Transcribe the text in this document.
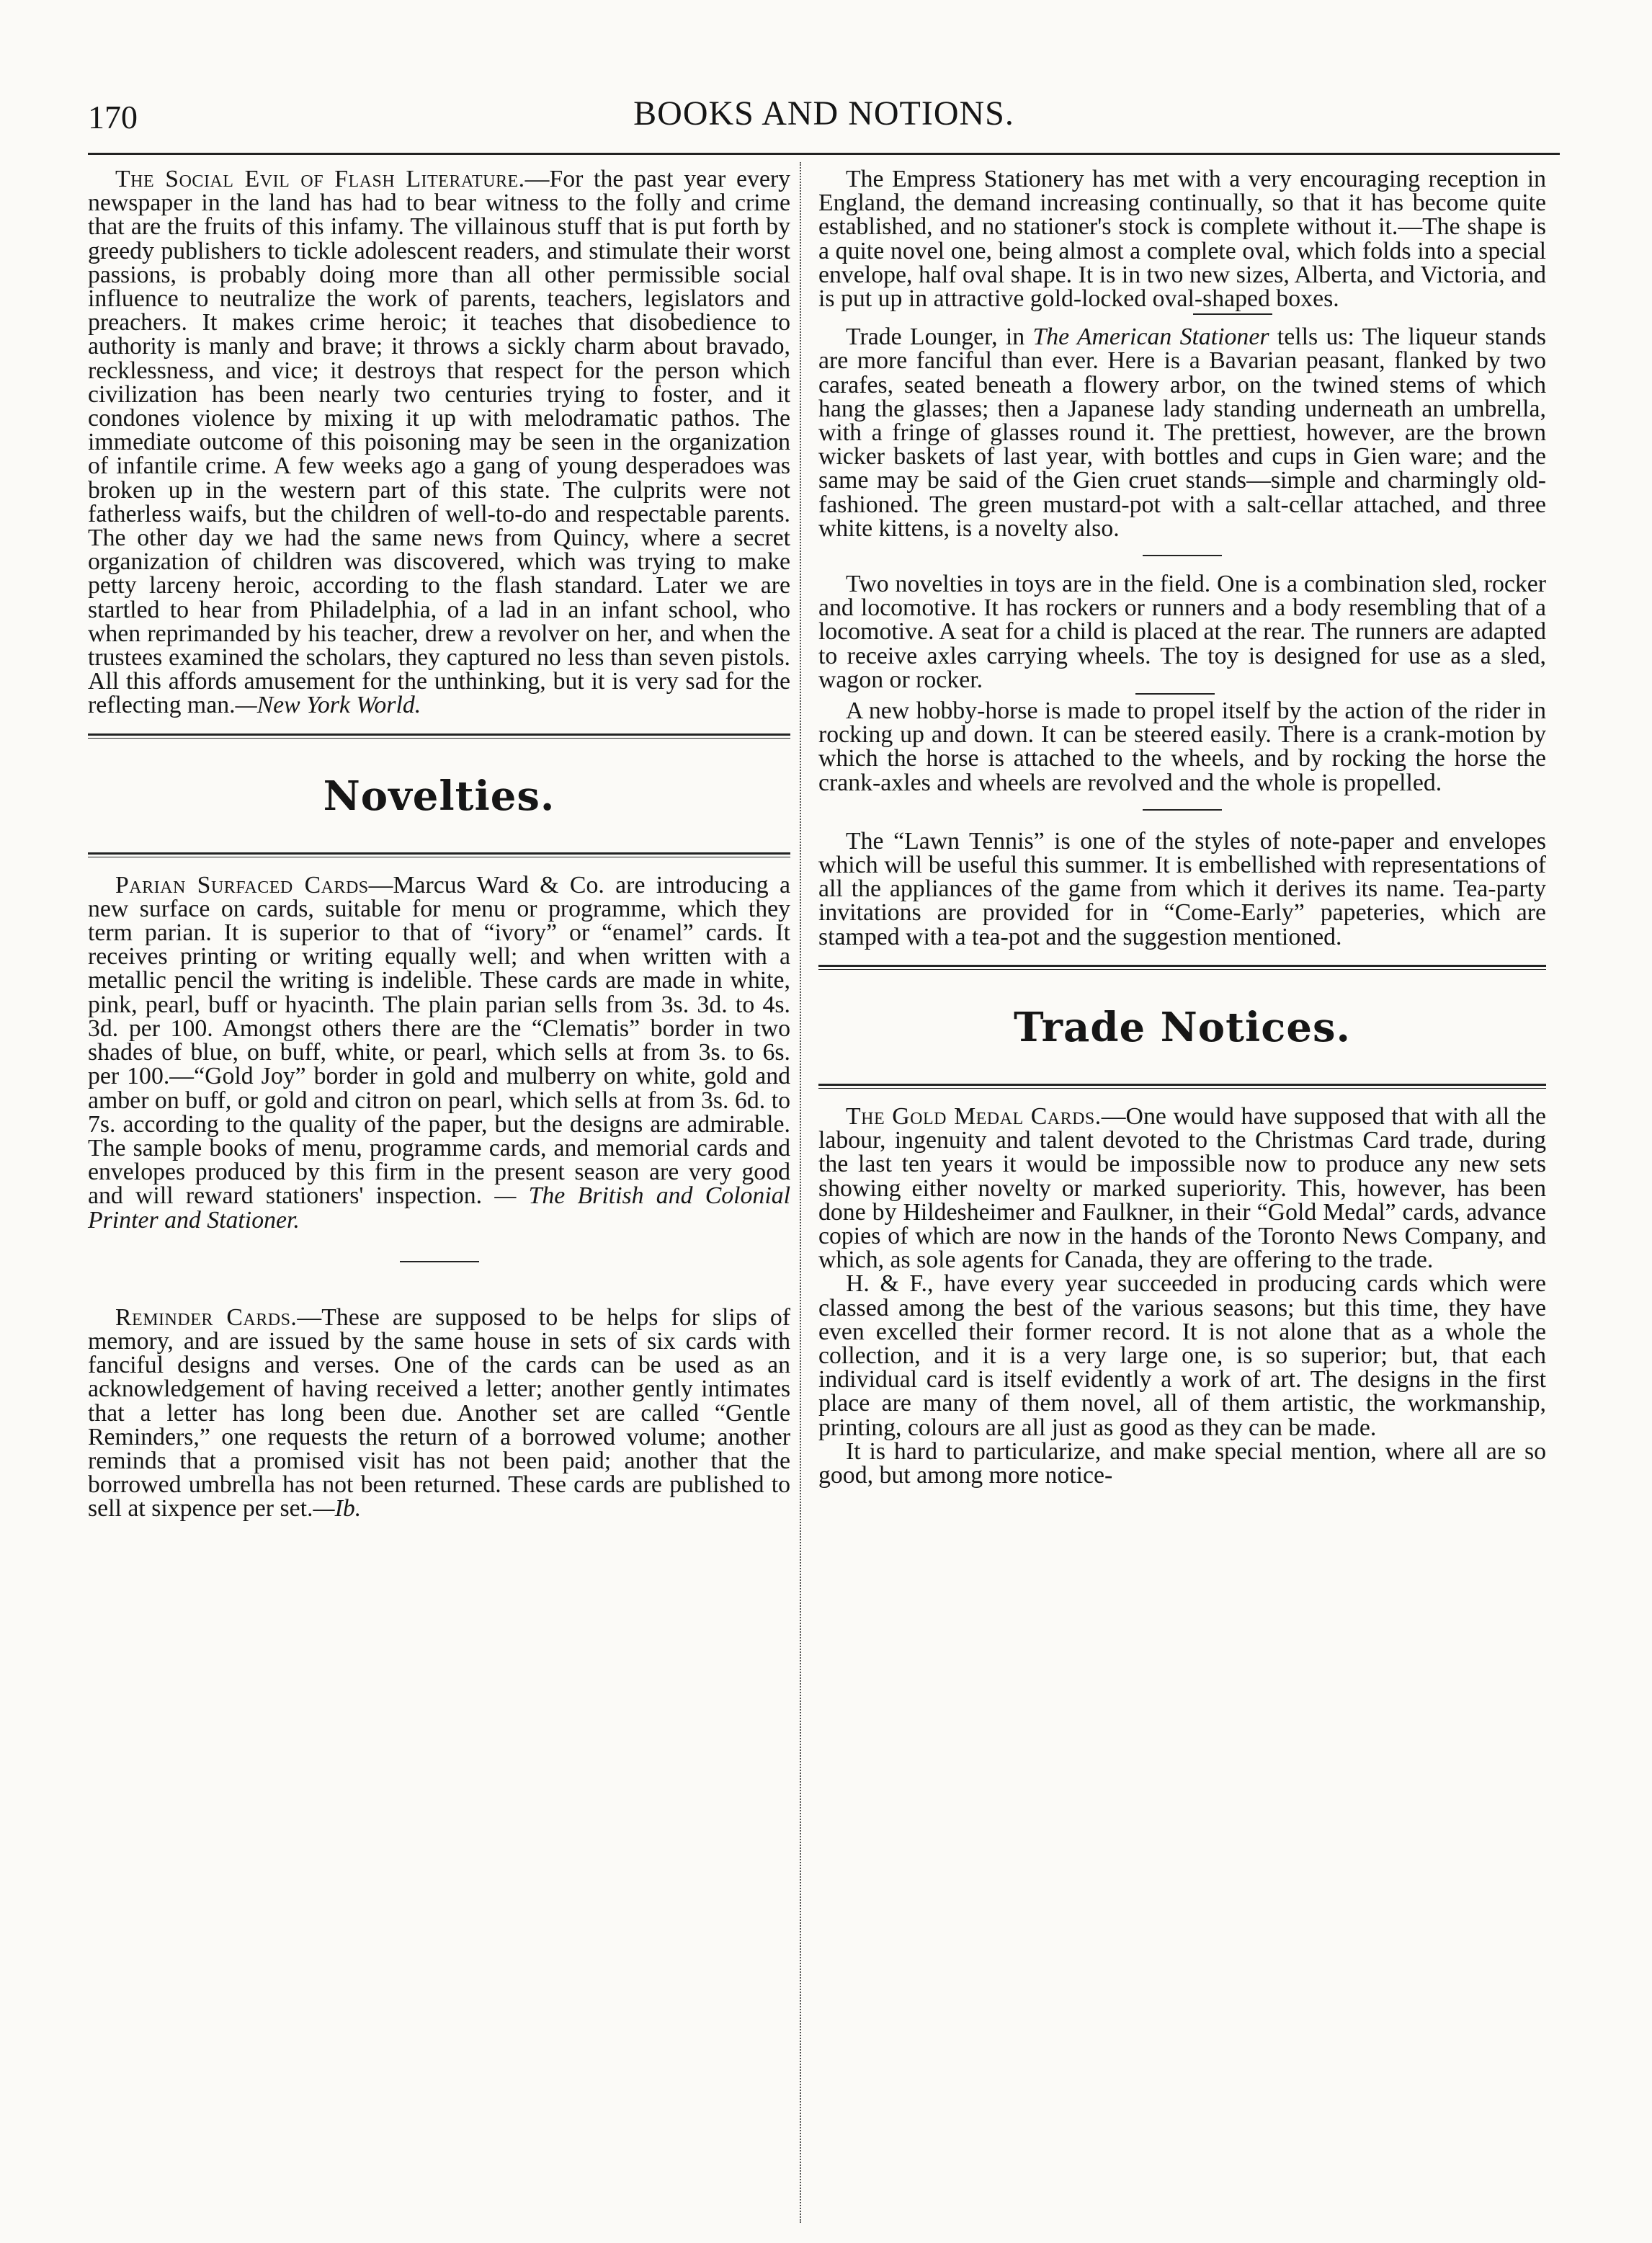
170	BOOKS AND NOTIONS.

The Social Evil of Flash Literature.—For the past year every newspaper in the land has had to bear witness to the folly and crime that are the fruits of this infamy. The villainous stuff that is put forth by greedy publishers to tickle adolescent readers, and stimulate their worst passions, is probably doing more than all other permissible social influence to neutralize the work of parents, teachers, legislators and preachers. It makes crime heroic; it teaches that disobedience to authority is manly and brave; it throws a sickly charm about bravado, recklessness, and vice; it destroys that respect for the person which civilization has been nearly two centuries trying to foster, and it condones violence by mixing it up with melodramatic pathos. The immediate outcome of this poisoning may be seen in the organization of infantile crime. A few weeks ago a gang of young desperadoes was broken up in the western part of this state. The culprits were not fatherless waifs, but the children of well-to-do and respectable parents. The other day we had the same news from Quincy, where a secret organization of children was discovered, which was trying to make petty larceny heroic, according to the flash standard. Later we are startled to hear from Philadelphia, of a lad in an infant school, who when reprimanded by his teacher, drew a revolver on her, and when the trustees examined the scholars, they captured no less than seven pistols. All this affords amusement for the unthinking, but it is very sad for the reflecting man.—New York World.

Novelties.

Parian Surfaced Cards—Marcus Ward & Co. are introducing a new surface on cards, suitable for menu or programme, which they term parian. It is superior to that of “ivory” or “enamel” cards. It receives printing or writing equally well; and when written with a metallic pencil the writing is indelible. These cards are made in white, pink, pearl, buff or hyacinth. The plain parian sells from 3s. 3d. to 4s. 3d. per 100. Amongst others there are the “Clematis” border in two shades of blue, on buff, white, or pearl, which sells at from 3s. to 6s. per 100.—“Gold Joy” border in gold and mulberry on white, gold and amber on buff, or gold and citron on pearl, which sells at from 3s. 6d. to 7s. according to the quality of the paper, but the designs are admirable. The sample books of menu, programme cards, and memorial cards and envelopes produced by this firm in the present season are very good and will reward stationers' inspection. — The British and Colonial Printer and Stationer.

Reminder Cards.—These are supposed to be helps for slips of memory, and are issued by the same house in sets of six cards with fanciful designs and verses. One of the cards can be used as an acknowledgement of having received a letter; another gently intimates that a letter has long been due. Another set are called “Gentle Reminders,” one requests the return of a borrowed volume; another reminds that a promised visit has not been paid; another that the borrowed umbrella has not been returned. These cards are published to sell at sixpence per set.—Ib.

The Empress Stationery has met with a very encouraging reception in England, the demand increasing continually, so that it has become quite established, and no stationer's stock is complete without it.—The shape is a quite novel one, being almost a complete oval, which folds into a special envelope, half oval shape. It is in two new sizes, Alberta, and Victoria, and is put up in attractive gold-locked oval-shaped boxes.

Trade Lounger, in The American Stationer tells us: The liqueur stands are more fanciful than ever. Here is a Bavarian peasant, flanked by two carafes, seated beneath a flowery arbor, on the twined stems of which hang the glasses; then a Japanese lady standing underneath an umbrella, with a fringe of glasses round it. The prettiest, however, are the brown wicker baskets of last year, with bottles and cups in Gien ware; and the same may be said of the Gien cruet stands—simple and charmingly old-fashioned. The green mustard-pot with a salt-cellar attached, and three white kittens, is a novelty also.

Two novelties in toys are in the field. One is a combination sled, rocker and locomotive. It has rockers or runners and a body resembling that of a locomotive. A seat for a child is placed at the rear. The runners are adapted to receive axles carrying wheels. The toy is designed for use as a sled, wagon or rocker.

A new hobby-horse is made to propel itself by the action of the rider in rocking up and down. It can be steered easily. There is a crank-motion by which the horse is attached to the wheels, and by rocking the horse the crank-axles and wheels are revolved and the whole is propelled.

The “Lawn Tennis” is one of the styles of note-paper and envelopes which will be useful this summer. It is embellished with representations of all the appliances of the game from which it derives its name. Tea-party invitations are provided for in “Come-Early” papeteries, which are stamped with a tea-pot and the suggestion mentioned.

Trade Notices.

The Gold Medal Cards.—One would have supposed that with all the labour, ingenuity and talent devoted to the Christmas Card trade, during the last ten years it would be impossible now to produce any new sets showing either novelty or marked superiority. This, however, has been done by Hildesheimer and Faulkner, in their “Gold Medal” cards, advance copies of which are now in the hands of the Toronto News Company, and which, as sole agents for Canada, they are offering to the trade.

H. & F., have every year succeeded in producing cards which were classed among the best of the various seasons; but this time, they have even excelled their former record. It is not alone that as a whole the collection, and it is a very large one, is so superior; but, that each individual card is itself evidently a work of art. The designs in the first place are many of them novel, all of them artistic, the workmanship, printing, colours are all just as good as they can be made.

It is hard to particularize, and make special mention, where all are so good, but among more notice-
